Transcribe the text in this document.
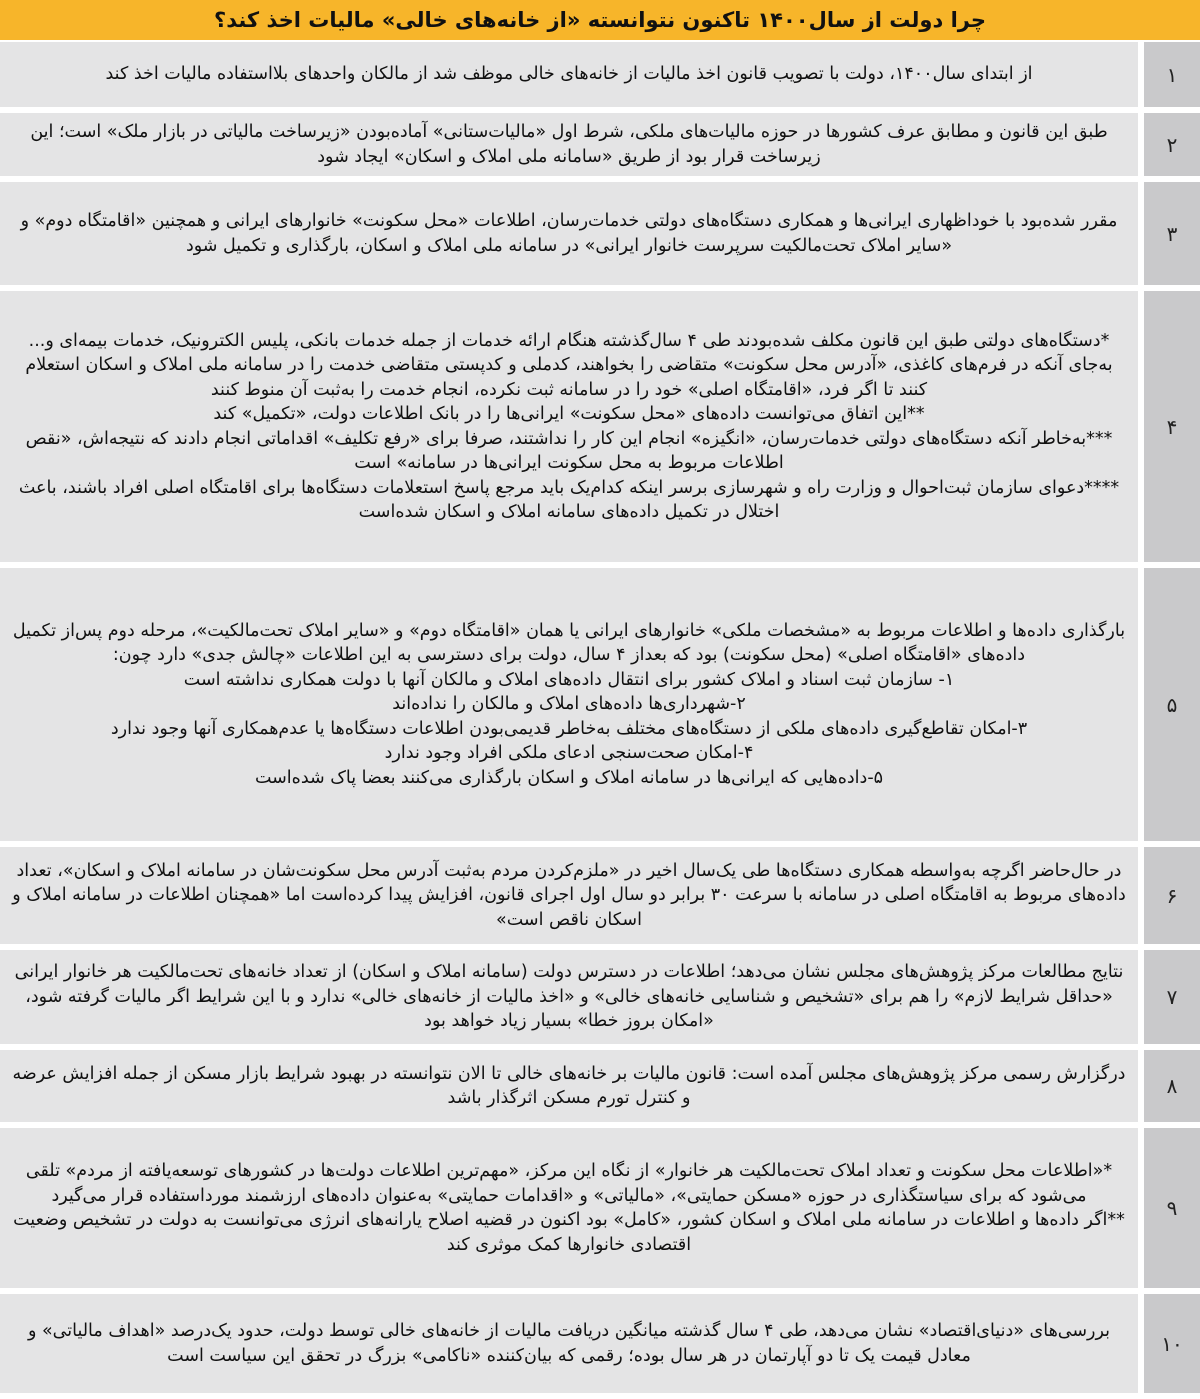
چرا دولت از سال۱۴۰۰ تاکنون نتوانسته «از خانه‌های خالی» مالیات اخذ کند؟
۱

از ابتدای سال۱۴۰۰، دولت با تصویب قانون اخذ مالیات از خانه‌های خالی موظف شد از مالکان واحدهای بلااستفاده مالیات اخذ کند

۲

طبق این قانون و مطابق عرف کشورها در حوزه مالیات‌های ملکی، شرط اول «مالیات‌ستانی» آماده‌بودن «زیرساخت مالیاتی در بازار ملک» است؛ این زیرساخت قرار بود از طریق «سامانه ملی املاک و اسکان» ایجاد شود

۳

مقرر شده‌بود با خوداظهاری ایرانی‌ها و همکاری دستگاه‌های دولتی خدمات‌رسان، اطلاعات «محل سکونت» خانوارهای ایرانی و همچنین «اقامتگاه دوم» و «سایر املاک تحت‌مالکیت سرپرست خانوار ایرانی» در سامانه ملی املاک و اسکان، بارگذاری و تکمیل شود

۴

*دستگاه‌های دولتی طبق این قانون مکلف شده‌بودند طی ۴ سال‌گذشته هنگام ارائه خدمات از جمله خدمات بانکی، پلیس الکترونیک، خدمات بیمه‌ای و... به‌جای آنکه در فرم‌های کاغذی، «آدرس محل سکونت» متقاضی را بخواهند، کدملی و کدپستی متقاضی خدمت را در سامانه ملی املاک و اسکان استعلام کنند تا اگر فرد، «اقامتگاه اصلی» خود را در سامانه ثبت نکرده، انجام خدمت را به‌ثبت آن منوط کنند

**این اتفاق می‌توانست داده‌های «محل سکونت» ایرانی‌ها را در بانک اطلاعات دولت، «تکمیل» کند

***به‌خاطر آنکه دستگاه‌های دولتی خدمات‌رسان، «انگیزه» انجام این کار را نداشتند، صرفا برای «رفع تکلیف» اقداماتی انجام دادند که نتیجه‌اش، «نقص اطلاعات مربوط به محل سکونت ایرانی‌ها در سامانه» است

****دعوای سازمان ثبت‌احوال و وزارت راه و شهرسازی برسر اینکه کدام‌یک باید مرجع پاسخ استعلامات دستگاه‌ها برای اقامتگاه اصلی افراد باشند، باعث اختلال در تکمیل داده‌های سامانه املاک و اسکان شده‌است

۵

بارگذاری داده‌ها و اطلاعات مربوط به «مشخصات ملکی» خانوارهای ایرانی یا همان «اقامتگاه دوم» و «سایر املاک تحت‌مالکیت»، مرحله دوم پس‌از تکمیل داده‌های «اقامتگاه اصلی» (محل سکونت) بود که بعداز ۴ سال، دولت برای دسترسی به این اطلاعات «چالش جدی» دارد چون:

۱- سازمان ثبت اسناد و املاک کشور برای انتقال داده‌های املاک و مالکان آنها با دولت همکاری نداشته است

۲-شهرداری‌ها داده‌های املاک و مالکان را نداده‌اند

۳-امکان تقاطع‌گیری داده‌های ملکی از دستگاه‌های مختلف به‌خاطر قدیمی‌بودن اطلاعات دستگاه‌ها یا عدم‌همکاری آنها وجود ندارد

۴-امکان صحت‌سنجی ادعای ملکی افراد وجود ندارد

۵-داده‌هایی که ایرانی‌ها در سامانه املاک و اسکان بارگذاری می‌کنند بعضا پاک شده‌است

۶

در حال‌حاضر اگرچه به‌واسطه همکاری دستگاه‌ها طی یک‌سال اخیر در «ملزم‌کردن مردم به‌ثبت آدرس محل سکونت‌شان در سامانه املاک و اسکان»، تعداد داده‌های مربوط به اقامتگاه اصلی در سامانه با سرعت ۳۰ برابر دو سال اول اجرای قانون، افزایش پیدا کرده‌است اما «همچنان اطلاعات در سامانه املاک و اسکان ناقص است»

۷

نتایج مطالعات مرکز پژوهش‌های مجلس نشان می‌دهد؛ اطلاعات در دسترس دولت (سامانه املاک و اسکان) از تعداد خانه‌های تحت‌مالکیت هر خانوار ایرانی «حداقل شرایط لازم» را هم برای «تشخیص و شناسایی خانه‌های خالی» و «اخذ مالیات از خانه‌های خالی» ندارد و با این شرایط اگر مالیات گرفته شود، «امکان بروز خطا» بسیار زیاد خواهد بود

۸

درگزارش رسمی مرکز پژوهش‌های مجلس آمده است: قانون مالیات بر خانه‌های خالی تا الان نتوانسته در بهبود شرایط بازار مسکن از جمله افزایش عرضه و کنترل تورم مسکن اثرگذار باشد

۹

*«اطلاعات محل سکونت و تعداد املاک تحت‌مالکیت هر خانوار» از نگاه این مرکز، «مهم‌ترین اطلاعات دولت‌ها در کشورهای توسعه‌یافته از مردم» تلقی می‌شود که برای سیاستگذاری در حوزه «مسکن حمایتی»، «مالیاتی» و «اقدامات حمایتی» به‌عنوان داده‌های ارزشمند مورداستفاده قرار می‌گیرد

**اگر داده‌ها و اطلاعات در سامانه ملی املاک و اسکان کشور، «کامل» بود اکنون در قضیه اصلاح یارانه‌های انرژی می‌توانست به دولت در تشخیص وضعیت اقتصادی خانوارها کمک موثری کند

۱۰

بررسی‌های «دنیای‌اقتصاد» نشان می‌دهد، طی ۴ سال گذشته میانگین دریافت مالیات از خانه‌های خالی توسط دولت، حدود یک‌درصد «اهداف مالیاتی» و معادل قیمت یک تا دو آپارتمان در هر سال بوده؛ رقمی که بیان‌کننده «ناکامی» بزرگ در تحقق این سیاست است
